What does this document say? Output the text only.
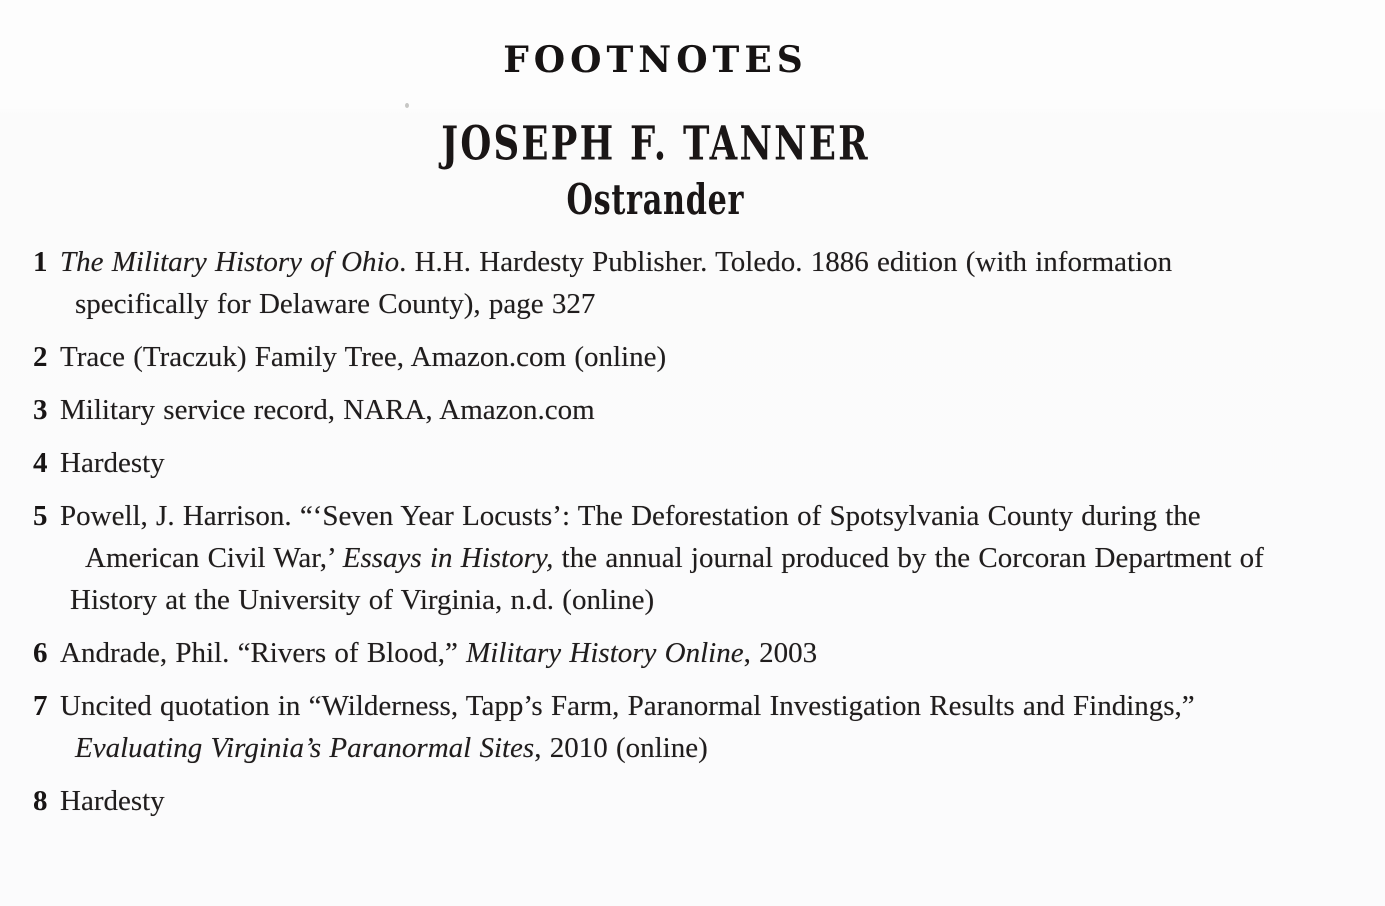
FOOTNOTES
JOSEPH F. TANNER
Ostrander
1 The Military History of Ohio. H.H. Hardesty Publisher. Toledo. 1886 edition (with information
specifically for Delaware County), page 327
2 Trace (Traczuk) Family Tree, Amazon.com (online)
3 Military service record, NARA, Amazon.com
4 Hardesty
5 Powell, J. Harrison. “‘Seven Year Locusts’: The Deforestation of Spotsylvania County during the
American Civil War,’ Essays in History, the annual journal produced by the Corcoran Department of
History at the University of Virginia, n.d. (online)
6 Andrade, Phil. “Rivers of Blood,” Military History Online, 2003
7 Uncited quotation in “Wilderness, Tapp’s Farm, Paranormal Investigation Results and Findings,”
Evaluating Virginia’s Paranormal Sites, 2010 (online)
8 Hardesty
